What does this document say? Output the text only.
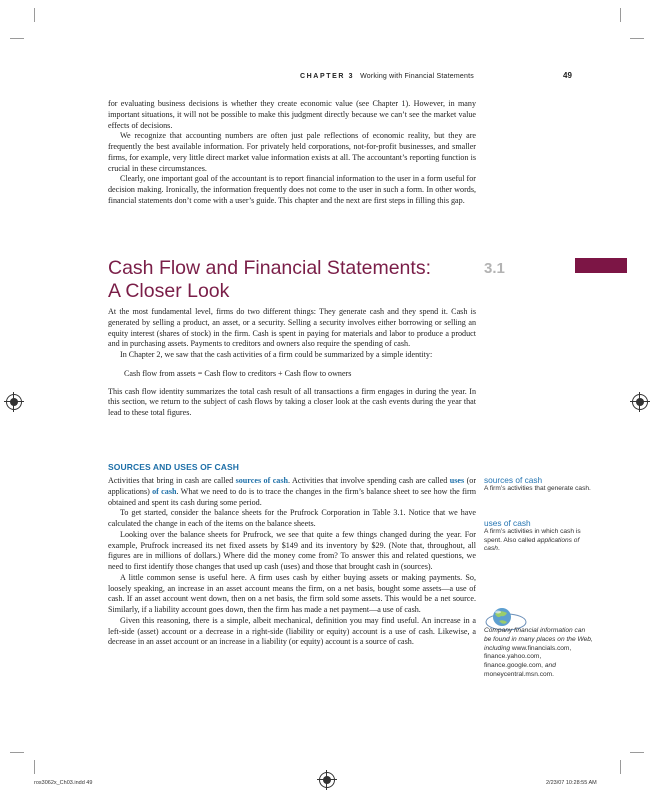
CHAPTER 3 Working with Financial Statements	49

for evaluating business decisions is whether they create economic value (see Chapter 1). However, in many important situations, it will not be possible to make this judgment directly because we can’t see the market value effects of decisions.

We recognize that accounting numbers are often just pale reflections of economic reality, but they are frequently the best available information. For privately held corporations, not-for-profit businesses, and smaller firms, for example, very little direct market value information exists at all. The accountant’s reporting function is crucial in these circumstances.

Clearly, one important goal of the accountant is to report financial information to the user in a form useful for decision making. Ironically, the information frequently does not come to the user in such a form. In other words, financial statements don’t come with a user’s guide. This chapter and the next are first steps in filling this gap.

Cash Flow and Financial Statements:
A Closer Look
3.1

At the most fundamental level, firms do two different things: They generate cash and they spend it. Cash is generated by selling a product, an asset, or a security. Selling a security involves either borrowing or selling an equity interest (shares of stock) in the firm. Cash is spent in paying for materials and labor to produce a product and in purchasing assets. Payments to creditors and owners also require the spending of cash.

In Chapter 2, we saw that the cash activities of a firm could be summarized by a simple identity:

Cash flow from assets = Cash flow to creditors + Cash flow to owners

This cash flow identity summarizes the total cash result of all transactions a firm engages in during the year. In this section, we return to the subject of cash flows by taking a closer look at the cash events during the year that lead to these total figures.

SOURCES AND USES OF CASH

Activities that bring in cash are called sources of cash. Activities that involve spending cash are called uses (or applications) of cash. What we need to do is to trace the changes in the firm’s balance sheet to see how the firm obtained and spent its cash during some period.

To get started, consider the balance sheets for the Prufrock Corporation in Table 3.1. Notice that we have calculated the change in each of the items on the balance sheets.

Looking over the balance sheets for Prufrock, we see that quite a few things changed during the year. For example, Prufrock increased its net fixed assets by $149 and its inventory by $29. (Note that, throughout, all figures are in millions of dollars.) Where did the money come from? To answer this and related questions, we need to first identify those changes that used up cash (uses) and those that brought cash in (sources).

A little common sense is useful here. A firm uses cash by either buying assets or making payments. So, loosely speaking, an increase in an asset account means the firm, on a net basis, bought some assets—a use of cash. If an asset account went down, then on a net basis, the firm sold some assets. This would be a net source. Similarly, if a liability account goes down, then the firm has made a net payment—a use of cash.

Given this reasoning, there is a simple, albeit mechanical, definition you may find useful. An increase in a left-side (asset) account or a decrease in a right-side (liability or equity) account is a use of cash. Likewise, a decrease in an asset account or an increase in a liability (or equity) account is a source of cash.

sources of cash
A firm’s activities that generate cash.
uses of cash
A firm’s activities in which cash is spent. Also called applications of cash.
Company financial information can be found in many places on the Web, including www.financials.com, finance.yahoo.com, finance.google.com, and moneycentral.msn.com.
ros3062x_Ch03.indd 49	2/23/07 10:28:55 AM
